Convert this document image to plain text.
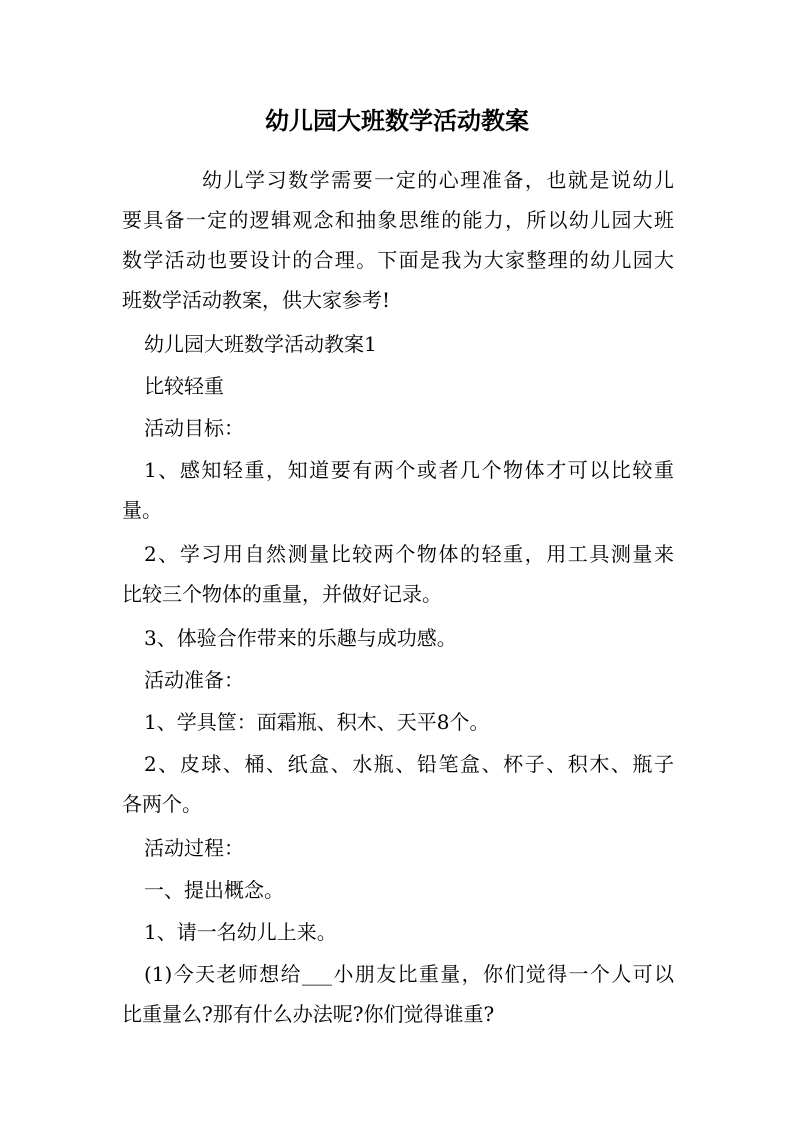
幼儿园大班数学活动教案
幼儿学习数学需要一定的心理准备，也就是说幼儿
要具备一定的逻辑观念和抽象思维的能力，所以幼儿园大班
数学活动也要设计的合理。下面是我为大家整理的幼儿园大
班数学活动教案，供大家参考!

幼儿园大班数学活动教案1

比较轻重

活动目标：

1、感知轻重，知道要有两个或者几个物体才可以比较重
量。
2、学习用自然测量比较两个物体的轻重，用工具测量来
比较三个物体的重量，并做好记录。

3、体验合作带来的乐趣与成功感。

活动准备：

1、学具筐：面霜瓶、积木、天平8个。

2、皮球、桶、纸盒、水瓶、铅笔盒、杯子、积木、瓶子
各两个。

活动过程：

一、提出概念。

1、请一名幼儿上来。

(1)今天老师想给___小朋友比重量，你们觉得一个人可以
比重量么?那有什么办法呢?你们觉得谁重?
